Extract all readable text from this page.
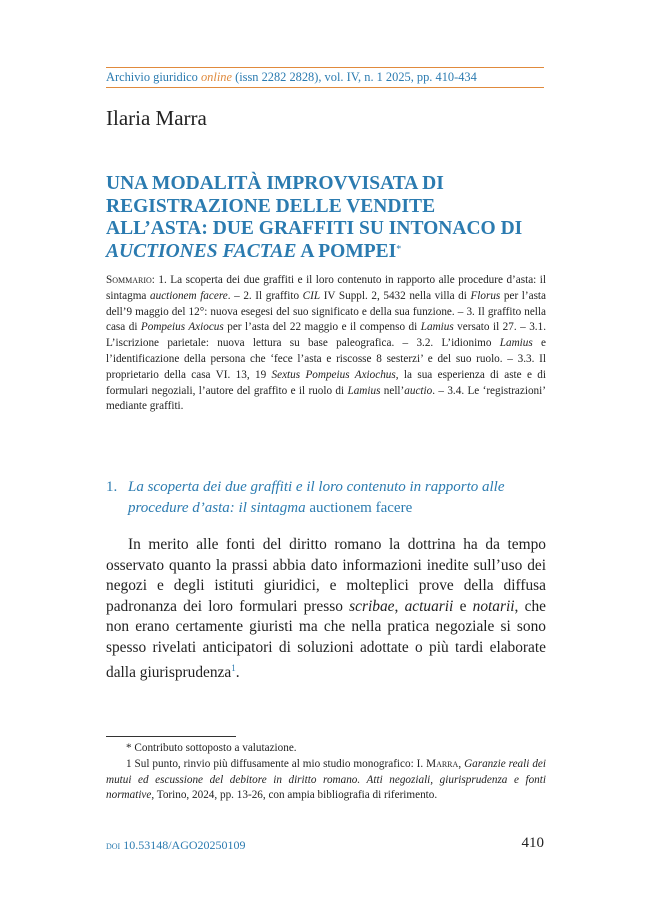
Archivio giuridico online (issn 2282 2828), vol. IV, n. 1 2025, pp. 410-434
Ilaria Marra
UNA MODALITÀ IMPROVVISATA DI REGISTRAZIONE DELLE VENDITE ALL’ASTA: DUE GRAFFITI SU INTONACO DI AUCTIONES FACTAE A POMPEI*
Sommario: 1. La scoperta dei due graffiti e il loro contenuto in rapporto alle procedure d’asta: il sintagma auctionem facere. – 2. Il graffito CIL IV Suppl. 2, 5432 nella villa di Florus per l’asta dell’9 maggio del 12°: nuova esegesi del suo significato e della sua funzione. – 3. Il graffito nella casa di Pompeius Axiocus per l’asta del 22 maggio e il compenso di Lamius versato il 27. – 3.1. L’iscrizione parietale: nuova lettura su base paleografica. – 3.2. L’idionimo Lamius e l’identificazione della persona che ‘fece l’asta e riscosse 8 sesterzi’ e del suo ruolo. – 3.3. Il proprietario della casa VI. 13, 19 Sextus Pompeius Axiochus, la sua esperienza di aste e di formulari negoziali, l’autore del graffito e il ruolo di Lamius nell’auctio. – 3.4. Le ‘registrazioni’ mediante graffiti.
1. La scoperta dei due graffiti e il loro contenuto in rapporto alle procedure d’asta: il sintagma auctionem facere
In merito alle fonti del diritto romano la dottrina ha da tempo osservato quanto la prassi abbia dato informazioni inedite sull’uso dei negozi e degli istituti giuridici, e molteplici prove della diffusa padronanza dei loro formulari presso scribae, actuarii e notarii, che non erano certamente giuristi ma che nella pratica negoziale si sono spesso rivelati anticipatori di soluzioni adottate o più tardi elaborate dalla giurisprudenza$^1$.
* Contributo sottoposto a valutazione.
1 Sul punto, rinvio più diffusamente al mio studio monografico: I. Marra, Garanzie reali dei mutui ed escussione del debitore in diritto romano. Atti negoziali, giurisprudenza e fonti normative, Torino, 2024, pp. 13-26, con ampia bibliografia di riferimento.
doi 10.53148/AGO20250109	410
